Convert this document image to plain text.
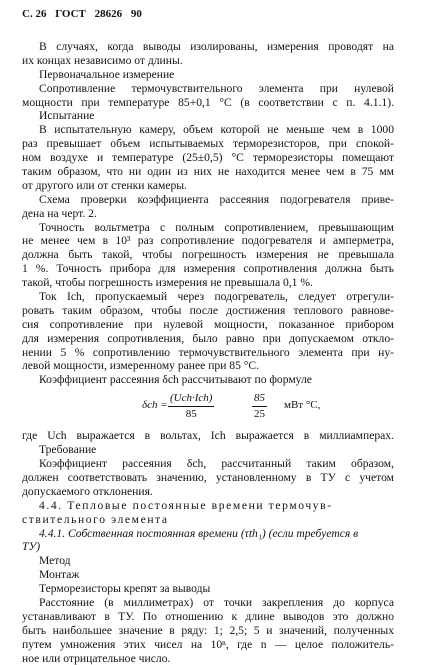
С. 26 ГОСТ 28626 90
В случаях, когда выводы изолированы, измерения проводят на
их концах независимо от длины.
Первоначальное измерение
Сопротивление термочувствительного элемента при нулевой
мощности при температуре 85+0,1 °С (в соответствии с п. 4.1.1).
Испытание
В испытательную камеру, объем которой не меньше чем в 1000
раз превышает объем испытываемых терморезисторов, при спокой-
ном воздухе и температуре (25±0,5) °С терморезисторы помещают
таким образом, что ни один из них не находится менее чем в 75 мм
от другого или от стенки камеры.
Схема проверки коэффициента рассеяния подогревателя приве-
дена на черт. 2.
Точность вольтметра с полным сопротивлением, превышающим
не менее чем в 10³ раз сопротивление подогревателя и амперметра,
должна быть такой, чтобы погрешность измерения не превышала
1 %. Точность прибора для измерения сопротивления должна быть
такой, чтобы погрешность измерения не превышала 0,1 %.
Ток Iсh, пропускаемый через подогреватель, следует отрегули-
ровать таким образом, чтобы после достижения теплового равнове-
сия сопротивление при нулевой мощности, показанное прибором
для измерения сопротивления, было равно при допускаемом откло-
нении 5 % сопротивлению термочувствительного элемента при ну-
левой мощности, измеренному ранее при 85 °С.
Коэффициент рассеяния δch рассчитывают по формуле
δch =
(Uch·Ich)
85	$\frac{85}{25}$ мВт °С,
где Uch выражается в вольтах, Ich выражается в миллиамперах.
Требование
Коэффициент рассеяния δch, рассчитанный таким образом,
должен соответствовать значению, установленному в ТУ с учетом
допускаемого отклонения.
4.4. Тепловые постоянные времени термочув-
ствительного элемента
4.4.1. Собственная постоянная времени (τth₁) (если требуется в
ТУ)
Метод
Монтаж
Терморезисторы крепят за выводы
Расстояние (в миллиметрах) от точки закрепления до корпуса
устанавливают в ТУ. По отношению к длине выводов это должно
быть наибольшее значение в ряду: 1; 2,5; 5 и значений, полученных
путем умножения этих чисел на 10ⁿ, где n — целое положитель-
ное или отрицательное число.
